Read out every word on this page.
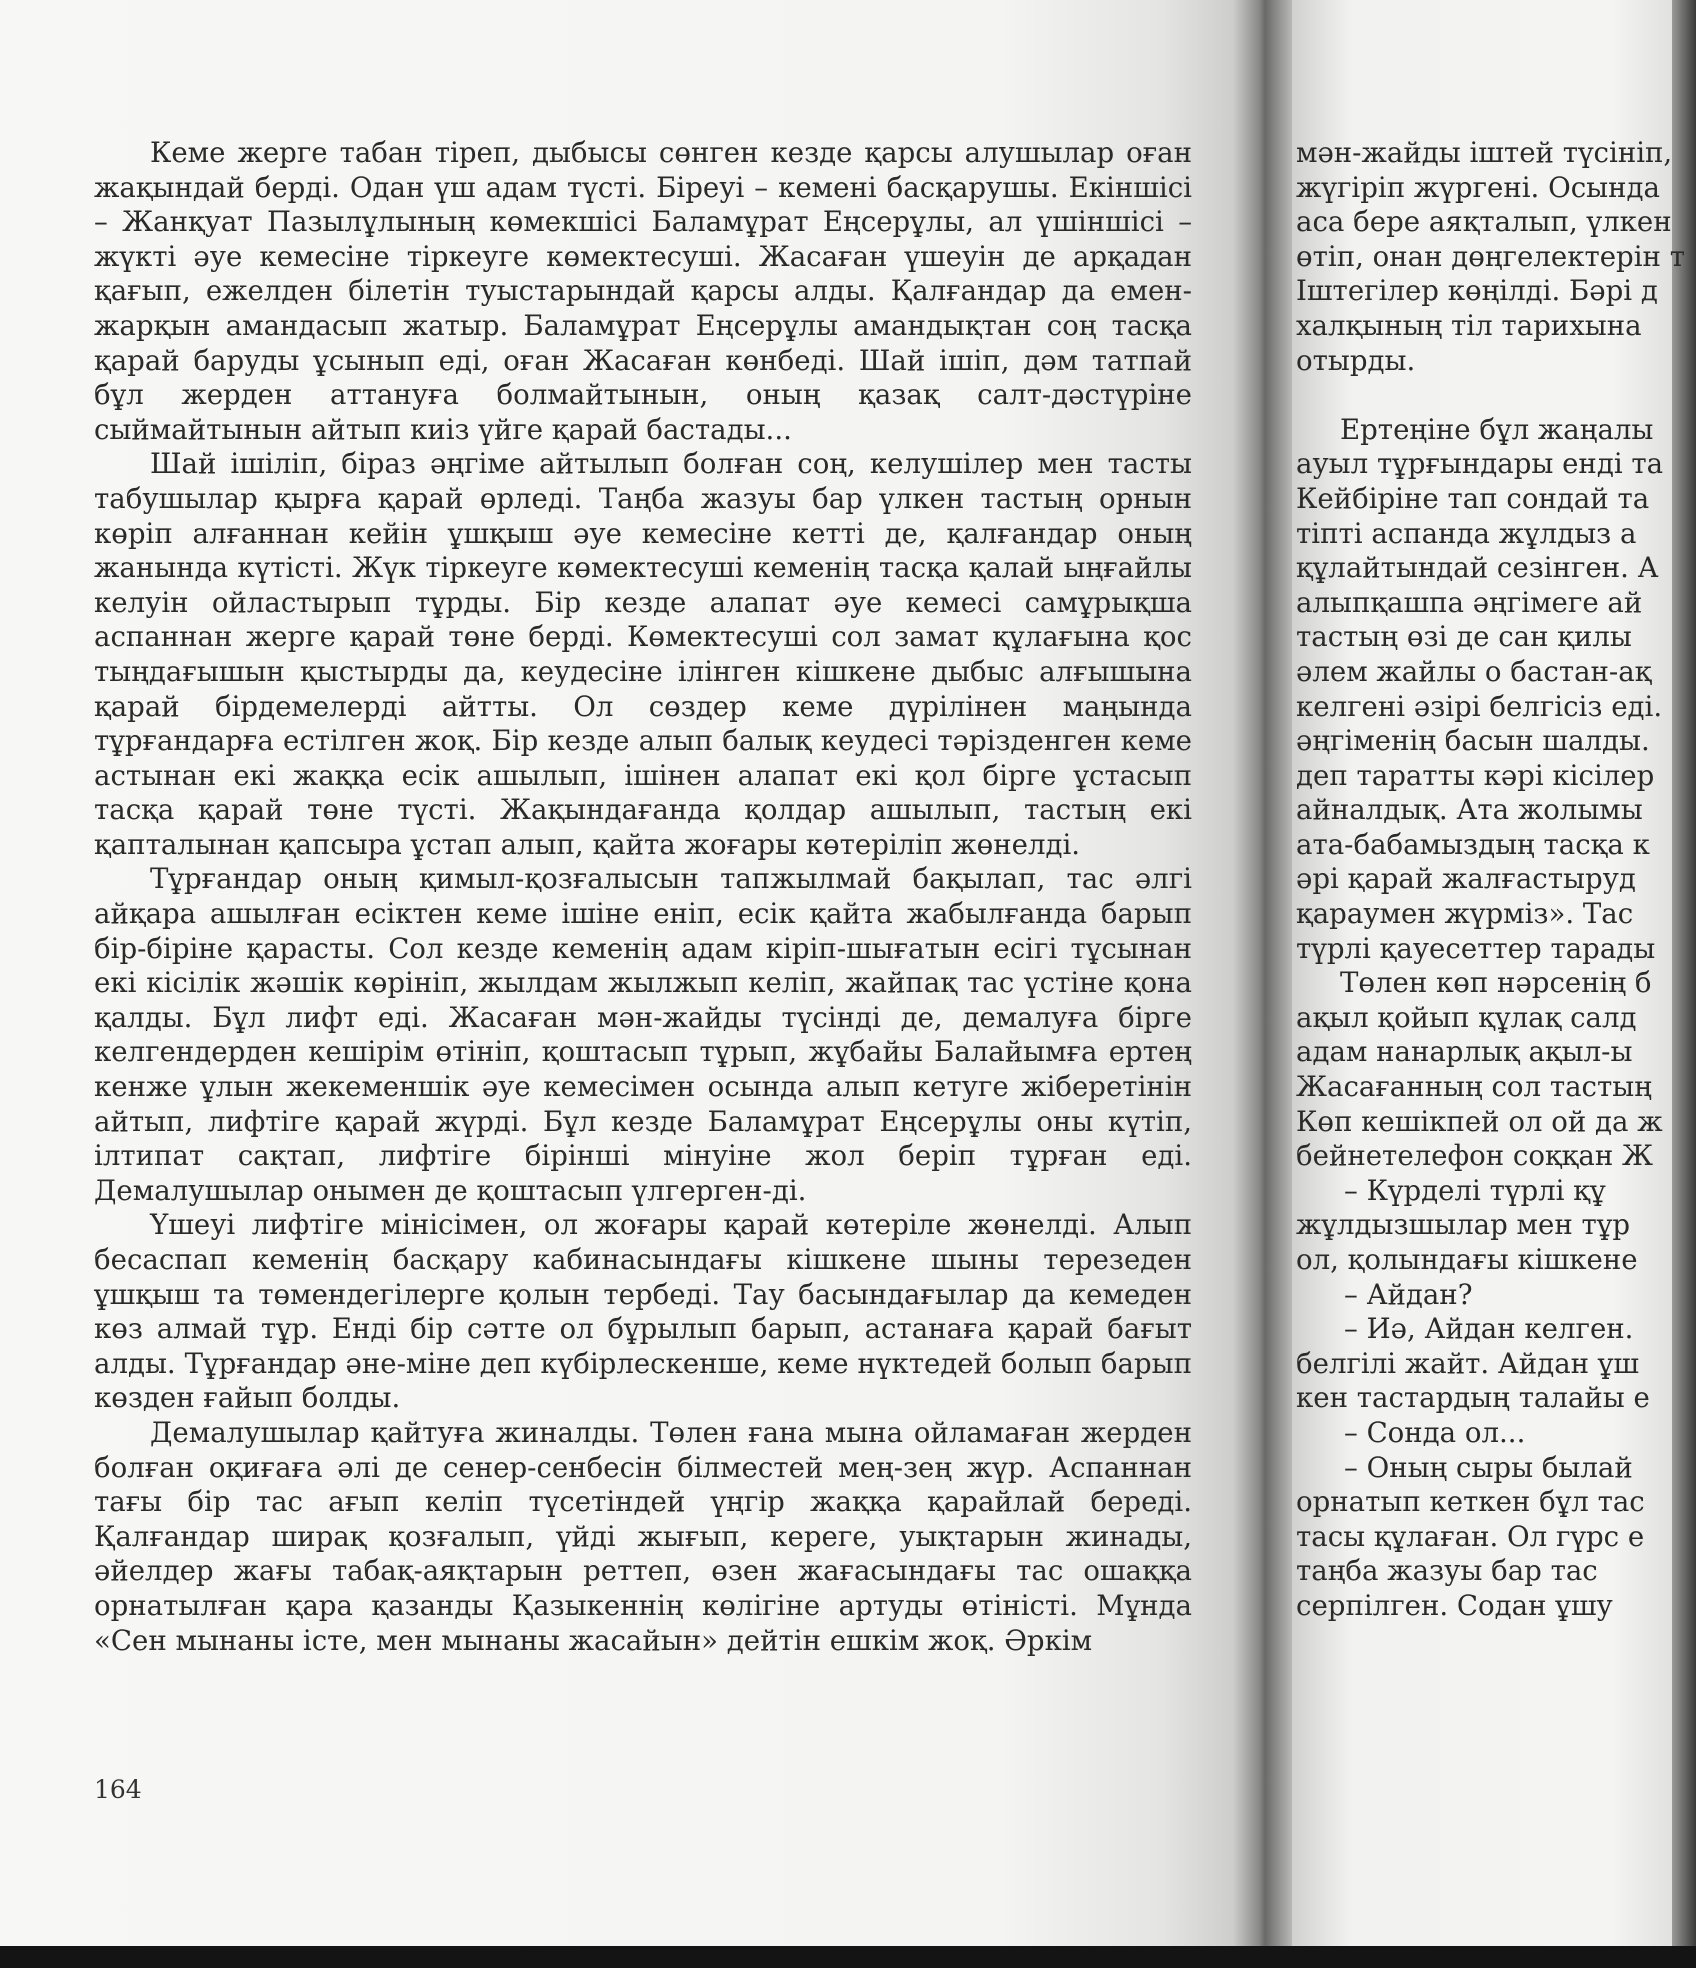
Кеме жерге табан тіреп, дыбысы сөнген кезде қарсы алушылар оған жақындай берді. Одан үш адам түсті. Біреуі – кемені басқарушы. Екіншісі – Жанқуат Пазылұлының көмекшісі Баламұрат Еңсерұлы, ал үшіншісі – жүкті әуе кемесіне тіркеуге көмектесуші. Жасаған үшеуін де арқадан қағып, ежелден білетін туыстарындай қарсы алды. Қалғандар да емен-жарқын амандасып жатыр. Баламұрат Еңсерұлы амандықтан соң тасқа қарай баруды ұсынып еді, оған Жасаған көнбеді. Шай ішіп, дәм татпай бұл жерден аттануға болмайтынын, оның қазақ салт-дәстүріне сыймайтынын айтып киіз үйге қарай бастады...

Шай ішіліп, біраз әңгіме айтылып болған соң, келушілер мен тасты табушылар қырға қарай өрледі. Таңба жазуы бар үлкен тастың орнын көріп алғаннан кейін ұшқыш әуе кемесіне кетті де, қалғандар оның жанында күтісті. Жүк тіркеуге көмектесуші кеменің тасқа қалай ыңғайлы келуін ойластырып тұрды. Бір кезде алапат әуе кемесі самұрықша аспаннан жерге қарай төне берді. Көмектесуші сол замат құлағына қос тыңдағышын қыстырды да, кеудесіне ілінген кішкене дыбыс алғышына қарай бірдемелерді айтты. Ол сөздер кеме дүрілінен маңында тұрғандарға естілген жоқ. Бір кезде алып балық кеудесі тәрізденген кеме астынан екі жаққа есік ашылып, ішінен алапат екі қол бірге ұстасып тасқа қарай төне түсті. Жақындағанда қолдар ашылып, тастың екі қапталынан қапсыра ұстап алып, қайта жоғары көтеріліп жөнелді.

Тұрғандар оның қимыл-қозғалысын тапжылмай бақылап, тас әлгі айқара ашылған есіктен кеме ішіне еніп, есік қайта жабылғанда барып бір-біріне қарасты. Сол кезде кеменің адам кіріп-шығатын есігі тұсынан екі кісілік жәшік көрініп, жылдам жылжып келіп, жайпақ тас үстіне қона қалды. Бұл лифт еді. Жасаған мән-жайды түсінді де, демалуға бірге келгендерден кешірім өтініп, қоштасып тұрып, жұбайы Балайымға ертең кенже ұлын жекеменшік әуе кемесімен осында алып кетуге жіберетінін айтып, лифтіге қарай жүрді. Бұл кезде Баламұрат Еңсерұлы оны күтіп, ілтипат сақтап, лифтіге бірінші мінуіне жол беріп тұрған еді. Демалушылар онымен де қоштасып үлгерген-ді.

Үшеуі лифтіге мінісімен, ол жоғары қарай көтеріле жөнелді. Алып бесаспап кеменің басқару кабинасындағы кішкене шыны терезеден ұшқыш та төмендегілерге қолын тербеді. Тау басындағылар да кемеден көз алмай тұр. Енді бір сәтте ол бұрылып барып, астанаға қарай бағыт алды. Тұрғандар әне-міне деп күбірлескенше, кеме нүктедей болып барып көзден ғайып болды.

Демалушылар қайтуға жиналды. Төлен ғана мына ойламаған жерден болған оқиғаға әлі де сенер-сенбесін білместей мең-зең жүр. Аспаннан тағы бір тас ағып келіп түсетіндей үңгір жаққа қарайлай береді. Қалғандар ширақ қозғалып, үйді жығып, кереге, уықтарын жинады, әйелдер жағы табақ-аяқтарын реттеп, өзен жағасындағы тас ошаққа орнатылған қара қазанды Қазыкеннің көлігіне артуды өтіністі. Мұнда «Сен мынаны істе, мен мынаны жасайын» дейтін ешкім жоқ. Әркім

164
мән-жайды іштей түсініп,
жүгіріп жүргені. Осында
аса бере аяқталып, үлкен
өтіп, онан дөңгелектерін т
Іштегілер көңілді. Бәрі д
халқының тіл тарихына
отырды.
Ертеңіне бұл жаңалы
ауыл тұрғындары енді та
Кейбіріне тап сондай та
тіпті аспанда жұлдыз а
құлайтындай сезінген. А
алыпқашпа әңгімеге ай
тастың өзі де сан қилы
әлем жайлы о бастан-ақ
келгені әзірі белгісіз еді.
әңгіменің басын шалды.
деп таратты кәрі кісілер
айналдық. Ата жолымы
ата-бабамыздың тасқа к
әрі қарай жалғастыруд
қараумен жүрміз». Тас
түрлі қауесеттер тарады
Төлен көп нәрсенің б
ақыл қойып құлақ салд
адам нанарлық ақыл-ы
Жасағанның сол тастың
Көп кешікпей ол ой да ж
бейнетелефон соққан Ж
– Күрделі түрлі құ
жұлдызшылар мен тұр
ол, қолындағы кішкене
– Айдан?
– Иә, Айдан келген.
белгілі жайт. Айдан ұш
кен тастардың талайы е
– Сонда ол...
– Оның сыры былай
орнатып кеткен бұл тас
тасы құлаған. Ол гүрс е
таңба жазуы бар тас
серпілген. Содан ұшу
